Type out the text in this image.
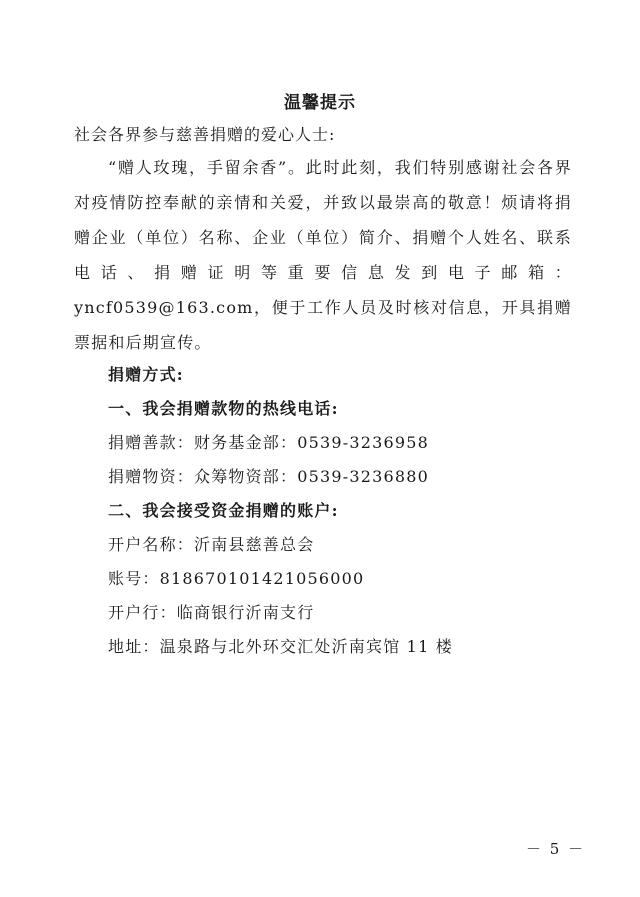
温馨提示
社会各界参与慈善捐赠的爱心人士:
“赠人玫瑰，手留余香”。此时此刻，我们特别感谢社会各界对疫情防控奉献的亲情和关爱，并致以最崇高的敬意！烦请将捐赠企业（单位）名称、企业（单位）简介、捐赠个人姓名、联系电话、捐赠证明等重要信息发到电子邮箱：yncf0539@163.com，便于工作人员及时核对信息，开具捐赠票据和后期宣传。
捐赠方式:
一、我会捐赠款物的热线电话:
捐赠善款：财务基金部：0539-3236958
捐赠物资：众筹物资部：0539-3236880
二、我会接受资金捐赠的账户:
开户名称：沂南县慈善总会
账号：818670101421056000
开户行：临商银行沂南支行
地址：温泉路与北外环交汇处沂南宾馆 11 楼
－ 5 －
